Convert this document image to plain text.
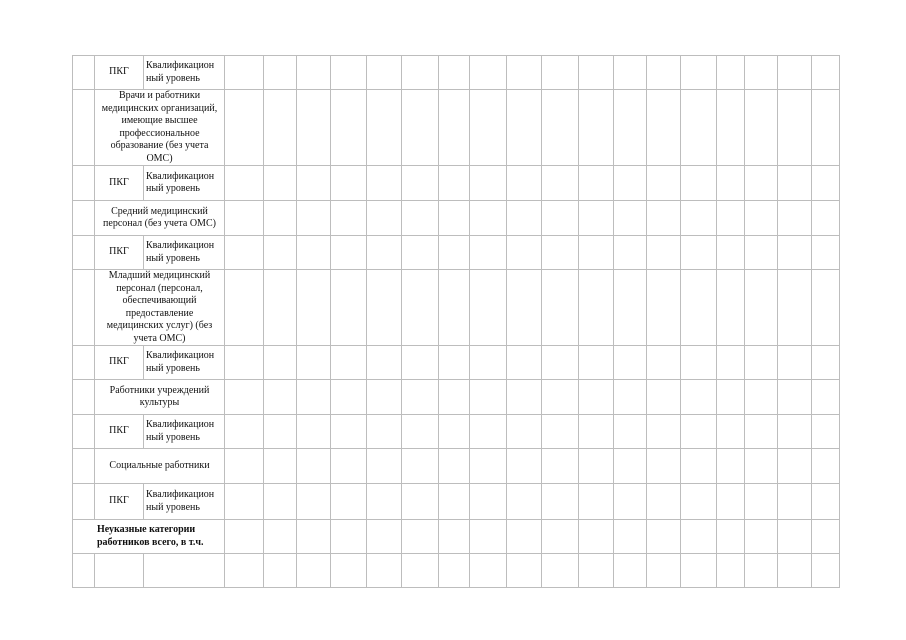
	ПКГ	Квалификацион ный уровень																		
	Врачи и работники медицинских организаций, имеющие высшее профессиональное образование (без учета ОМС)																			
	ПКГ	Квалификацион ный уровень																		
	Средний медицинский персонал (без учета ОМС)																			
	ПКГ	Квалификацион ный уровень																		
	Младший медицинский персонал (персонал, обеспечивающий предоставление медицинских услуг) (без учета ОМС)																			
	ПКГ	Квалификацион ный уровень																		
	Работники учреждений культуры																			
	ПКГ	Квалификацион ный уровень																		
	Социальные работники																			
	ПКГ	Квалификацион ный уровень																		
Неуказные категории работников всего, в т.ч.																				
